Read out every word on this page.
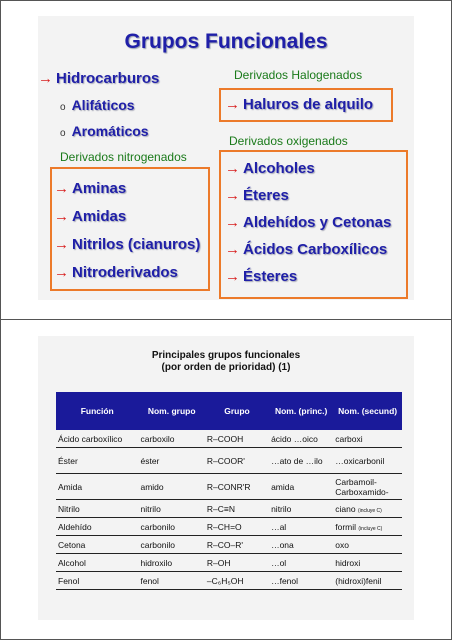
Grupos Funcionales
→ Hidrocarburos
o Alifáticos
o Aromáticos
Derivados nitrogenados
→ Aminas
→ Amidas
→ Nitrilos (cianuros)
→ Nitroderivados
Derivados Halogenados
→ Haluros de alquilo
Derivados oxigenados
→ Alcoholes
→ Éteres
→ Aldehídos y Cetonas
→ Ácidos Carboxílicos
→ Ésteres
Principales grupos funcionales
(por orden de prioridad) (1)
Función	Nom. grupo	Grupo	Nom. (princ.)	Nom. (secund)
Ácido carboxílico	carboxilo	R–COOH	ácido …oico	carboxi
Éster	éster	R–COOR'	…ato de …ilo	…oxicarbonil
Amida	amido	R–CONR'R	amida	Carbamoil- Carboxamido-
Nitrilo	nitrilo	R–C≡N	nitrilo	ciano (incluye C)
Aldehído	carbonilo	R–CH=O	…al	formil (incluye C)
Cetona	carbonilo	R–CO–R'	…ona	oxo
Alcohol	hidroxilo	R–OH	…ol	hidroxi
Fenol	fenol	–C₆H₅OH	…fenol	(hidroxi)fenil
